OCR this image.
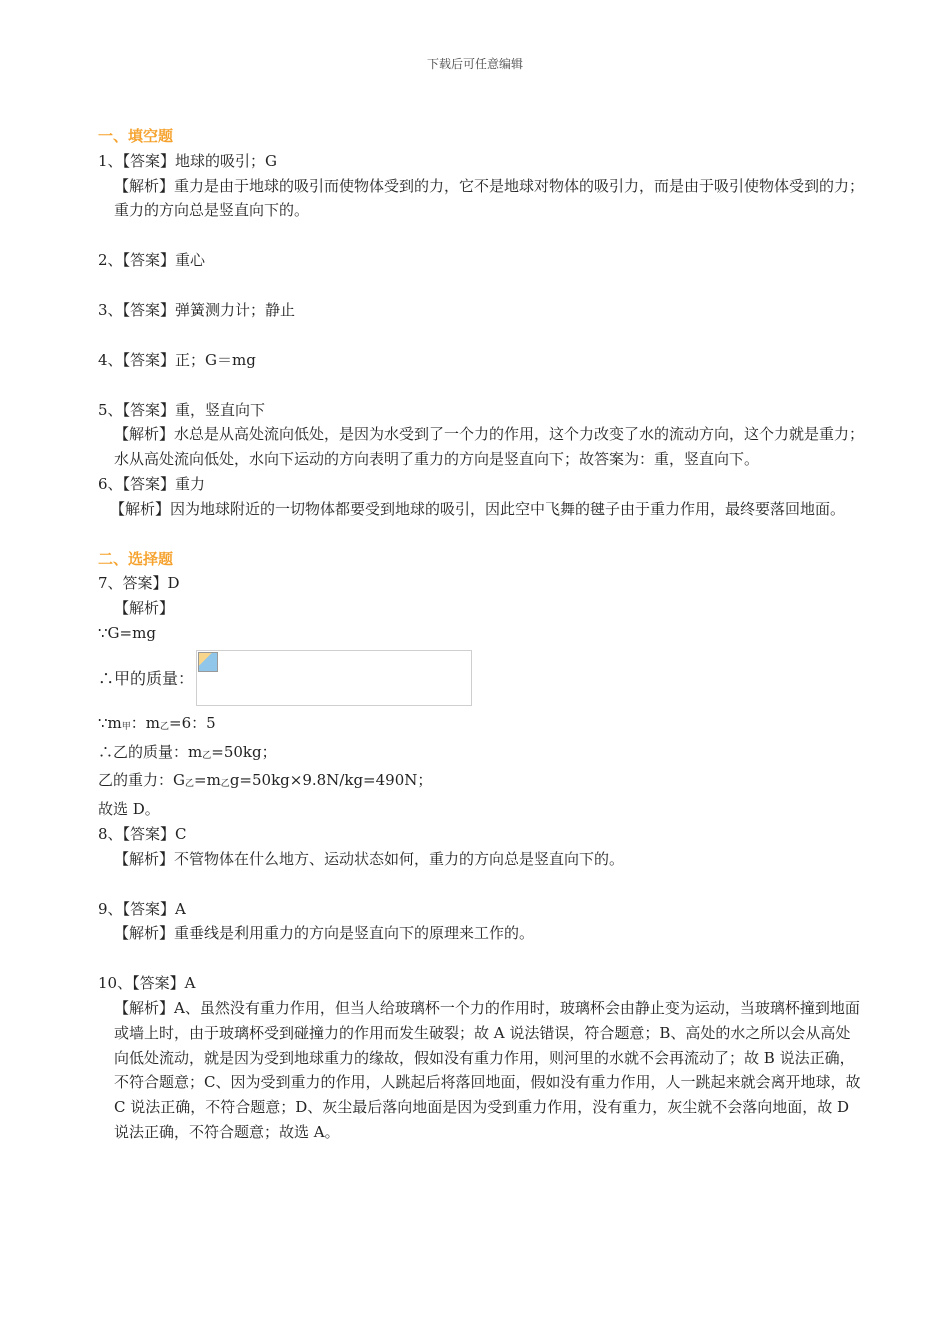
下载后可任意编辑
一、填空题
1、【答案】地球的吸引；G
【解析】重力是由于地球的吸引而使物体受到的力，它不是地球对物体的吸引力，而是由于吸引使物体受到的力；重力的方向总是竖直向下的。
2、【答案】重心
3、【答案】弹簧测力计；静止
4、【答案】正；G＝mg
5、【答案】重，竖直向下
【解析】水总是从高处流向低处，是因为水受到了一个力的作用，这个力改变了水的流动方向，这个力就是重力；水从高处流向低处，水向下运动的方向表明了重力的方向是竖直向下；故答案为：重，竖直向下。
6、【答案】重力
【解析】因为地球附近的一切物体都要受到地球的吸引，因此空中飞舞的毽子由于重力作用，最终要落回地面。
二、选择题
7、答案】D
【解析】
∵G=mg
∴甲的质量：
$\because m_甲$：$m_乙=6$：5
∴乙的质量：$m_乙=50kg$；
乙的重力：$G_乙=m_乙g=50kg\times 9.8N/kg=490N$；
故选 D。
8、【答案】C
【解析】不管物体在什么地方、运动状态如何，重力的方向总是竖直向下的。
9、【答案】A
【解析】重垂线是利用重力的方向是竖直向下的原理来工作的。
10、【答案】A
【解析】A、虽然没有重力作用，但当人给玻璃杯一个力的作用时，玻璃杯会由静止变为运动，当玻璃杯撞到地面或墙上时，由于玻璃杯受到碰撞力的作用而发生破裂；故 A 说法错误，符合题意；B、高处的水之所以会从高处向低处流动，就是因为受到地球重力的缘故，假如没有重力作用，则河里的水就不会再流动了；故 B 说法正确，不符合题意；C、因为受到重力的作用，人跳起后将落回地面，假如没有重力作用，人一跳起来就会离开地球，故 C 说法正确，不符合题意；D、灰尘最后落向地面是因为受到重力作用，没有重力，灰尘就不会落向地面，故 D 说法正确，不符合题意；故选 A。
